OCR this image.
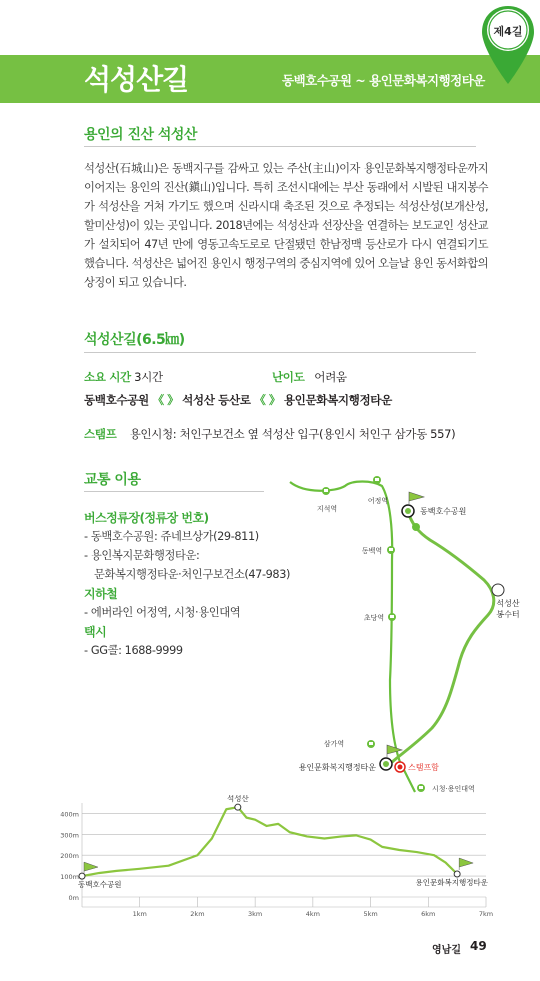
석성산길	동백호수공원 ~ 용인문화복지행정타운
제4길
용인의 진산 석성산
석성산(石城山)은 동백지구를 감싸고 있는 주산(主山)이자 용인문화복지행정타운까지 이어지는 용인의 진산(鎭山)입니다. 특히 조선시대에는 부산 동래에서 시발된 내지봉수가 석성산을 거쳐 가기도 했으며 신라시대 축조된 것으로 추정되는 석성산성(보개산성, 할미산성)이 있는 곳입니다. 2018년에는 석성산과 선장산을 연결하는 보도교인 성산교가 설치되어 47년 만에 영동고속도로로 단절됐던 한남정맥 등산로가 다시 연결되기도 했습니다. 석성산은 넓어진 용인시 행정구역의 중심지역에 있어 오늘날 용인 동서화합의 상징이 되고 있습니다.
석성산길(6.5㎞)
소요 시간 3시간	난이도 어려움
동백호수공원 《 》 석성산 등산로 《 》 용인문화복지행정타운
스탬프 용인시청: 처인구보건소 옆 석성산 입구(용인시 처인구 삼가동 557)
교통 이용
버스정류장(정류장 번호)
- 동백호수공원: 쥬네브상가(29-811)
- 용인복지문화행정타운:
문화복지행정타운·처인구보건소(47-983)
지하철
- 에버라인 어정역, 시청·용인대역
택시
- GG콜: 1688-9999
어정역
지석역
동백역
초당역
삼가역
시청·용인대역
동백호수공원
석성산 봉수터
용인문화복지행정타운	스탬프함
0m
100m
200m
300m
400m
1km	2km	3km	4km	5km	6km	7km
석성산
동백호수공원	용인문화복지행정타운
영남길 49
